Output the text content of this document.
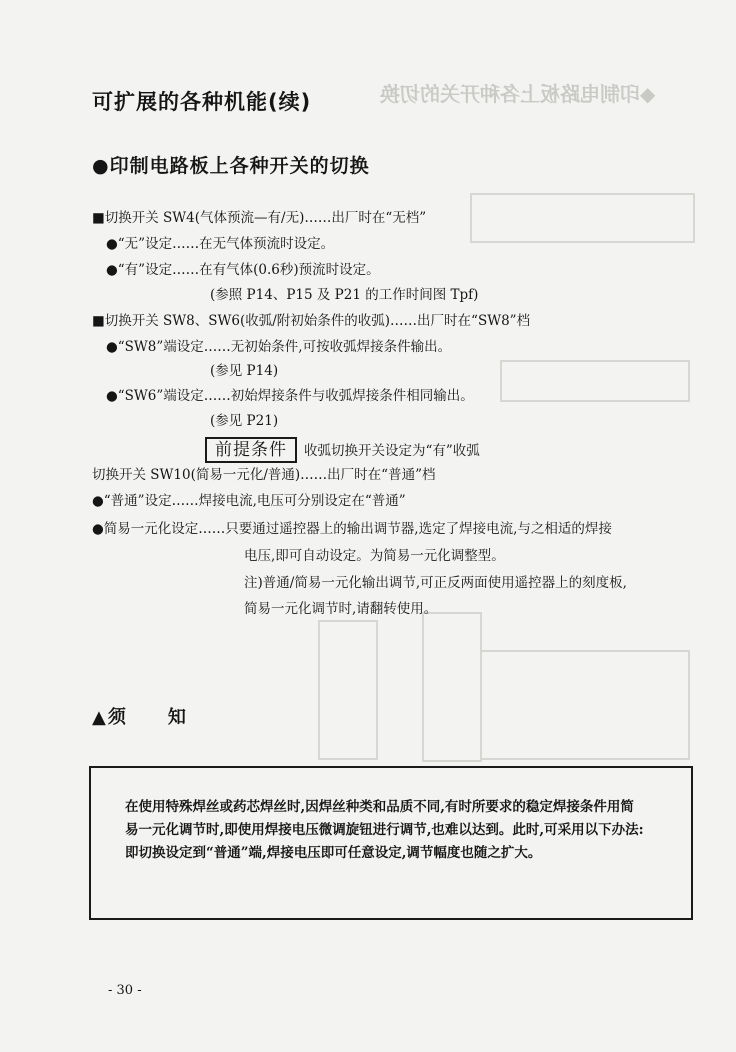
◆印制电路板上各种开关的切换
可扩展的各种机能(续)
●印制电路板上各种开关的切换
■切换开关 SW4(气体预流—有/无)……出厂时在“无档”
●“无”设定……在无气体预流时设定。
●“有”设定……在有气体(0.6秒)预流时设定。
(参照 P14、P15 及 P21 的工作时间图 Tpf)
■切换开关 SW8、SW6(收弧/附初始条件的收弧)……出厂时在“SW8”档
●“SW8”端设定……无初始条件,可按收弧焊接条件输出。
(参见 P14)
●“SW6”端设定……初始焊接条件与收弧焊接条件相同输出。
(参见 P21)
前提条件	收弧切换开关设定为“有”收弧
切换开关 SW10(简易一元化/普通)……出厂时在“普通”档
●“普通”设定……焊接电流,电压可分别设定在“普通”
●简易一元化设定……只要通过遥控器上的输出调节器,选定了焊接电流,与之相适的焊接
电压,即可自动设定。为简易一元化调整型。
注)普通/简易一元化输出调节,可正反两面使用遥控器上的刻度板,
简易一元化调节时,请翻转使用。
▲须　　知
在使用特殊焊丝或药芯焊丝时,因焊丝种类和品质不同,有时所要求的稳定焊接条件用简易一元化调节时,即使用焊接电压微调旋钮进行调节,也难以达到。此时,可采用以下办法:即切换设定到“普通”端,焊接电压即可任意设定,调节幅度也随之扩大。
- 30 -
